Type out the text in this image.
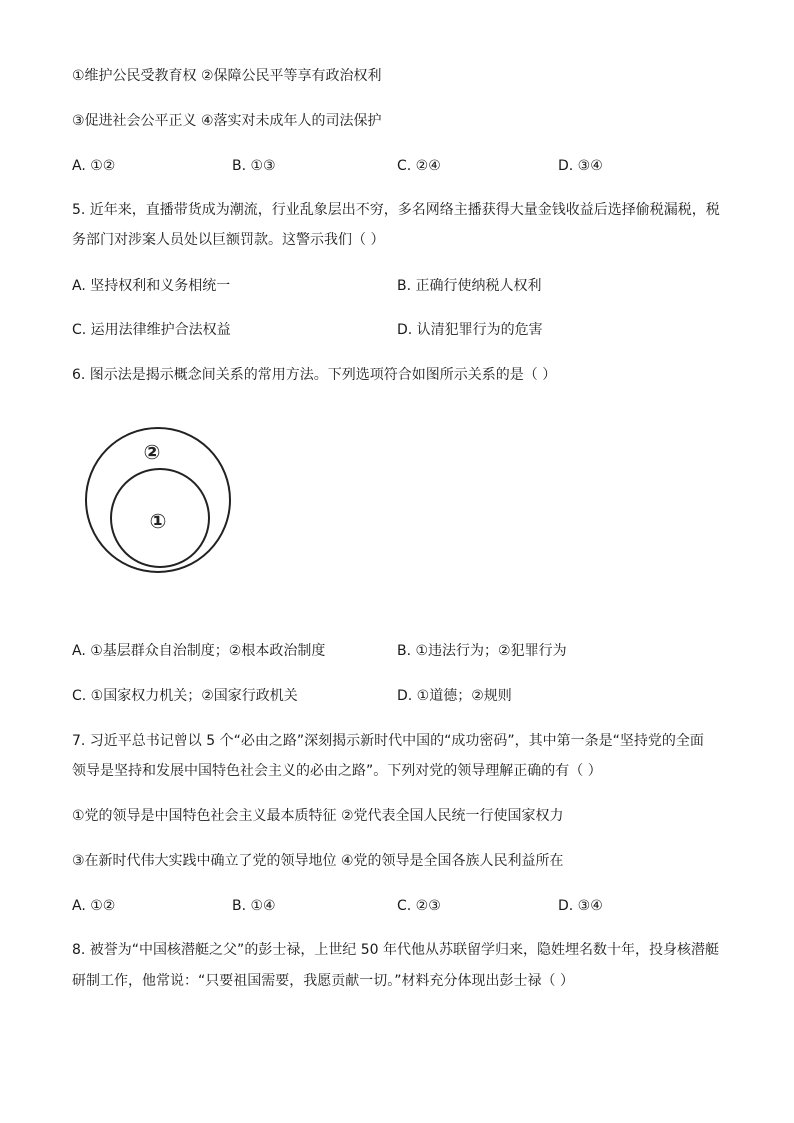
①维护公民受教育权 ②保障公民平等享有政治权利
③促进社会公平正义 ④落实对未成年人的司法保护
A. ①②	B. ①③	C. ②④	D. ③④
5. 近年来，直播带货成为潮流，行业乱象层出不穷，多名网络主播获得大量金钱收益后选择偷税漏税，税
务部门对涉案人员处以巨额罚款。这警示我们（ ）
A. 坚持权利和义务相统一	B. 正确行使纳税人权利
C. 运用法律维护合法权益	D. 认清犯罪行为的危害
6. 图示法是揭示概念间关系的常用方法。下列选项符合如图所示关系的是（ ）
②
①
A. ①基层群众自治制度；②根本政治制度	B. ①违法行为；②犯罪行为
C. ①国家权力机关；②国家行政机关	D. ①道德；②规则
7. 习近平总书记曾以 5 个“必由之路”深刻揭示新时代中国的“成功密码”，其中第一条是“坚持党的全面
领导是坚持和发展中国特色社会主义的必由之路”。下列对党的领导理解正确的有（ ）
①党的领导是中国特色社会主义最本质特征 ②党代表全国人民统一行使国家权力
③在新时代伟大实践中确立了党的领导地位 ④党的领导是全国各族人民利益所在
A. ①②	B. ①④	C. ②③	D. ③④
8. 被誉为“中国核潜艇之父”的彭士禄，上世纪 50 年代他从苏联留学归来，隐姓埋名数十年，投身核潜艇
研制工作，他常说：“只要祖国需要，我愿贡献一切。”材料充分体现出彭士禄（ ）
